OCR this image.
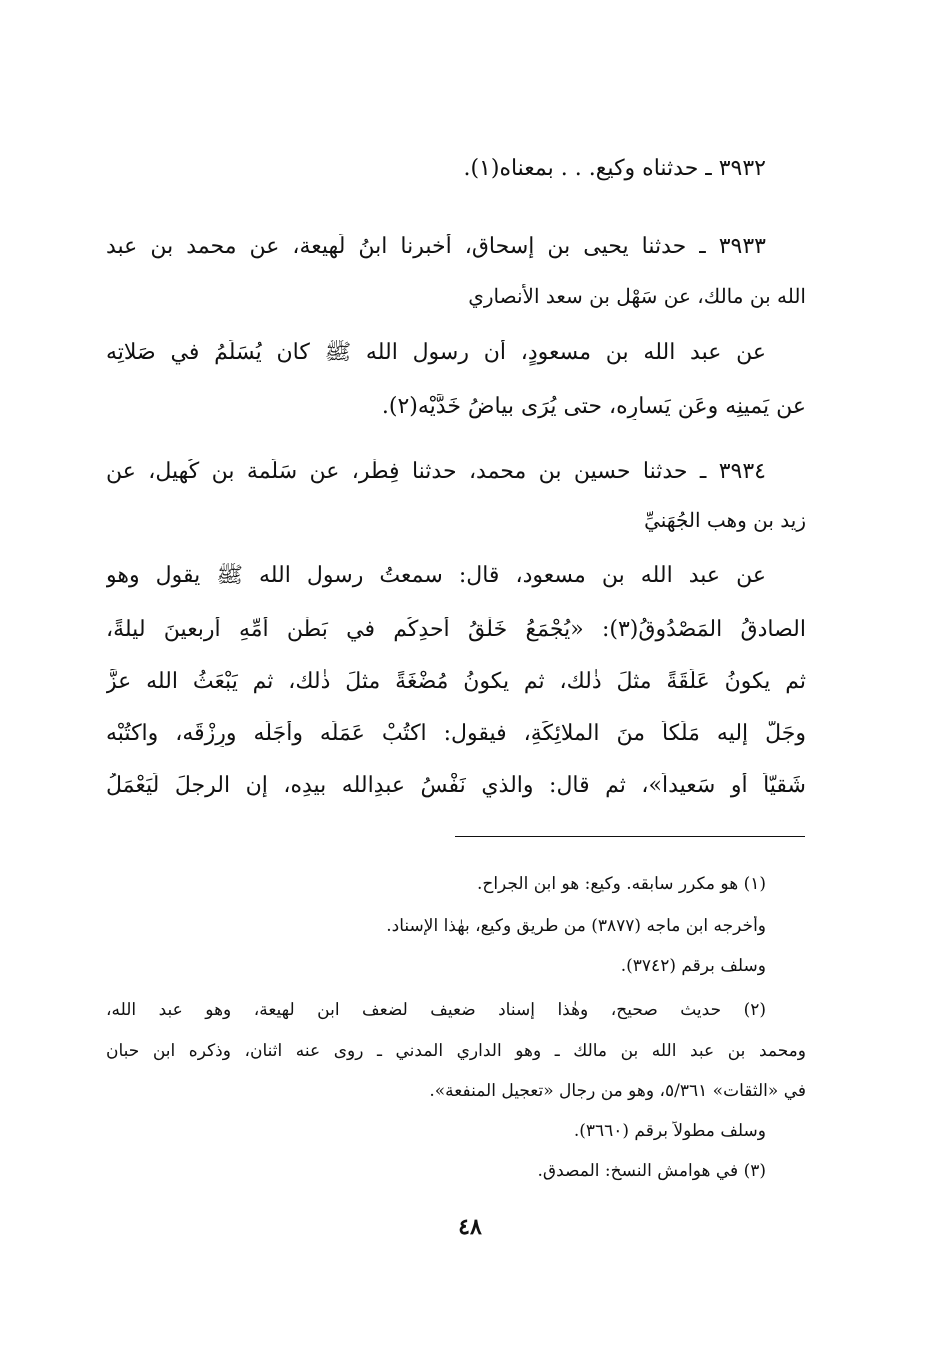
٣٩٣٢ ـ حدثناه وكيع. . . بمعناه(١).
٣٩٣٣ ـ حدثنا يحيى بن إسحاق، أخبرنا ابنُ لَهيعة، عن محمد بنِ عبد
الله بن مالك، عن سَهْل بن سعد الأنصاري
عن عبد الله بن مسعودٍ، أن رسول الله ﷺ كان يُسَلِّمُ في صَلاتِه
عن يَمينِه وعَن يَسارِه، حتى يُرَى بياضُ خَدَّيْه(٢).
٣٩٣٤ ـ حدثنا حسين بن محمد، حدثنا فِطْر، عن سَلَمة بن كُهيل، عن
زيد بن وهب الجُهَنيِّ
عن عبد الله بن مسعود، قال: سمعتُ رسول الله ﷺ يقول وهو
الصادقُ المَصْدُوقُ(٣): «يُجْمَعُ خَلْقُ أحدِكُم في بَطْنِ أُمِّهِ أربعينَ ليلةً،
ثم يكونُ عَلَقَةً مثلَ ذٰلك، ثم يكونُ مُضْغَةً مثلَ ذٰلك، ثم يَبْعَثُ الله عزَّ
وجَلَّ إليه مَلَكاً منَ الملائِكَةِ، فيقول: اكتُبْ عَمَلَه وأَجَلَه ورِزْقَه، واكتُبْه
شَقيّاً أو سَعيداً»، ثم قال: والذي نَفْسُ عبدِالله بيدِه، إن الرجلَ لَيَعْمَلُ
(١) هو مكرر سابقه. وكيع: هو ابن الجراح.
وأخرجه ابن ماجه (٣٨٧٧) من طريق وكيع، بهٰذا الإسناد.
وسلف برقم (٣٧٤٢).
(٢) حديث صحيح، وهٰذا إسناد ضعيف لضعف ابن لهيعة، وهو عبد الله،
ومحمد بن عبد الله بن مالك ـ وهو الداري المدني ـ روى عنه اثنان، وذكره ابن حبان
في «الثقات» ٥/٣٦١، وهو من رجال «تعجيل المنفعة».
وسلف مطولاً برقم (٣٦٦٠).
(٣) في هوامش النسخ: المصدق.
٤٨
